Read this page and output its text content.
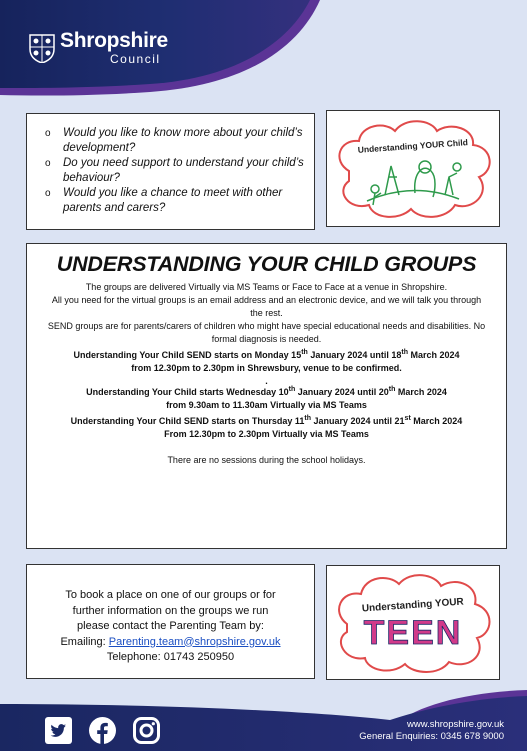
Shropshire
Council
o Would you like to know more about your child’s development?
o Do you need support to understand your child’s behaviour?
o Would you like a chance to meet with other parents and carers?
Understanding YOUR Child
UNDERSTANDING YOUR CHILD GROUPS

The groups are delivered Virtually via MS Teams or Face to Face at a venue in Shropshire.

All you need for the virtual groups is an email address and an electronic device, and we will talk you through the rest.

SEND groups are for parents/carers of children who might have special educational needs and disabilities. No formal diagnosis is needed.

Understanding Your Child SEND starts on Monday 15th January 2024 until 18th March 2024

from 12.30pm to 2.30pm in Shrewsbury, venue to be confirmed.

.

Understanding Your Child starts Wednesday 10th January 2024 until 20th March 2024

from 9.30am to 11.30am Virtually via MS Teams

Understanding Your Child SEND starts on Thursday 11th January 2024 until 21st March 2024

From 12.30pm to 2.30pm Virtually via MS Teams

There are no sessions during the school holidays.

To book a place on one of our groups or for

further information on the groups we run

please contact the Parenting Team by:

Emailing: Parenting.team@shropshire.gov.uk

Telephone: 01743 250950

Understanding YOUR
TEEN
www.shropshire.gov.uk
General Enquiries: 0345 678 9000
